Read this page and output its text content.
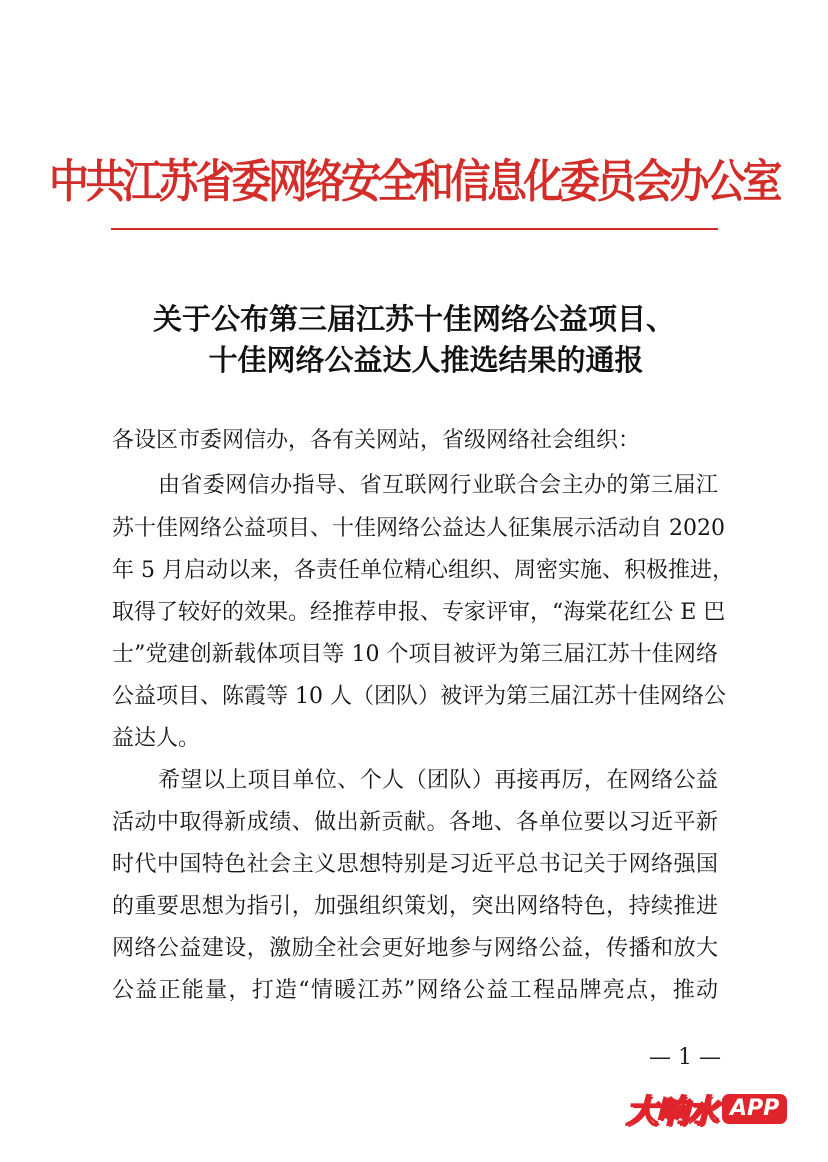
中共江苏省委网络安全和信息化委员会办公室
关于公布第三届江苏十佳网络公益项目、
十佳网络公益达人推选结果的通报
各设区市委网信办，各有关网站，省级网络社会组织：
由省委网信办指导、省互联网行业联合会主办的第三届江
苏十佳网络公益项目、十佳网络公益达人征集展示活动自 2020
年 5 月启动以来，各责任单位精心组织、周密实施、积极推进，
取得了较好的效果。经推荐申报、专家评审，“海棠花红公 E 巴
士”党建创新载体项目等 10 个项目被评为第三届江苏十佳网络
公益项目、陈霞等 10 人（团队）被评为第三届江苏十佳网络公
益达人。
希望以上项目单位、个人（团队）再接再厉，在网络公益
活动中取得新成绩、做出新贡献。各地、各单位要以习近平新
时代中国特色社会主义思想特别是习近平总书记关于网络强国
的重要思想为指引，加强组织策划，突出网络特色，持续推进
网络公益建设，激励全社会更好地参与网络公益，传播和放大
公益正能量，打造“情暖江苏”网络公益工程品牌亮点，推动
— 1 —
大响水 APP
